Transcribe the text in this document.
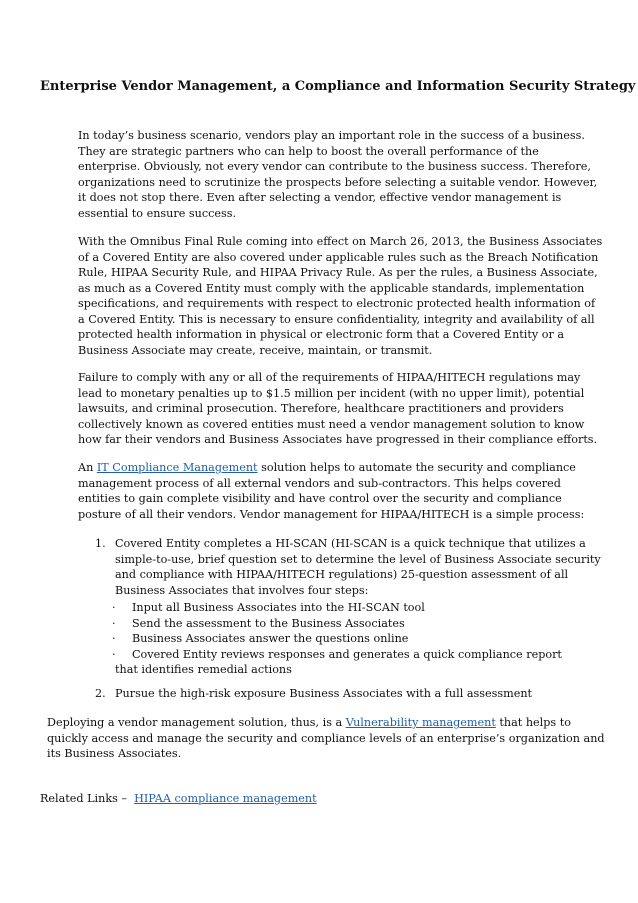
Enterprise Vendor Management, a Compliance and Information Security Strategy

In today’s business scenario, vendors play an important role in the success of a business. They are strategic partners who can help to boost the overall performance of the enterprise. Obviously, not every vendor can contribute to the business success. Therefore, organizations need to scrutinize the prospects before selecting a suitable vendor. However, it does not stop there. Even after selecting a vendor, effective vendor management is essential to ensure success.

With the Omnibus Final Rule coming into effect on March 26, 2013, the Business Associates of a Covered Entity are also covered under applicable rules such as the Breach Notification Rule, HIPAA Security Rule, and HIPAA Privacy Rule. As per the rules, a Business Associate, as much as a Covered Entity must comply with the applicable standards, implementation specifications, and requirements with respect to electronic protected health information of a Covered Entity. This is necessary to ensure confidentiality, integrity and availability of all protected health information in physical or electronic form that a Covered Entity or a Business Associate may create, receive, maintain, or transmit.

Failure to comply with any or all of the requirements of HIPAA/HITECH regulations may lead to monetary penalties up to $1.5 million per incident (with no upper limit), potential lawsuits, and criminal prosecution. Therefore, healthcare practitioners and providers collectively known as covered entities must need a vendor management solution to know how far their vendors and Business Associates have progressed in their compliance efforts.

An IT Compliance Management solution helps to automate the security and compliance management process of all external vendors and sub-contractors. This helps covered entities to gain complete visibility and have control over the security and compliance posture of all their vendors. Vendor management for HIPAA/HITECH is a simple process:

1. Covered Entity completes a HI-SCAN (HI-SCAN is a quick technique that utilizes a simple-to-use, brief question set to determine the level of Business Associate security and compliance with HIPAA/HITECH regulations) 25-question assessment of all Business Associates that involves four steps:
· Input all Business Associates into the HI-SCAN tool
· Send the assessment to the Business Associates
· Business Associates answer the questions online
· Covered Entity reviews responses and generates a quick compliance report
that identifies remedial actions
2. Pursue the high-risk exposure Business Associates with a full assessment

Deploying a vendor management solution, thus, is a Vulnerability management that helps to quickly access and manage the security and compliance levels of an enterprise’s organization and its Business Associates.

Related Links –  HIPAA compliance management
